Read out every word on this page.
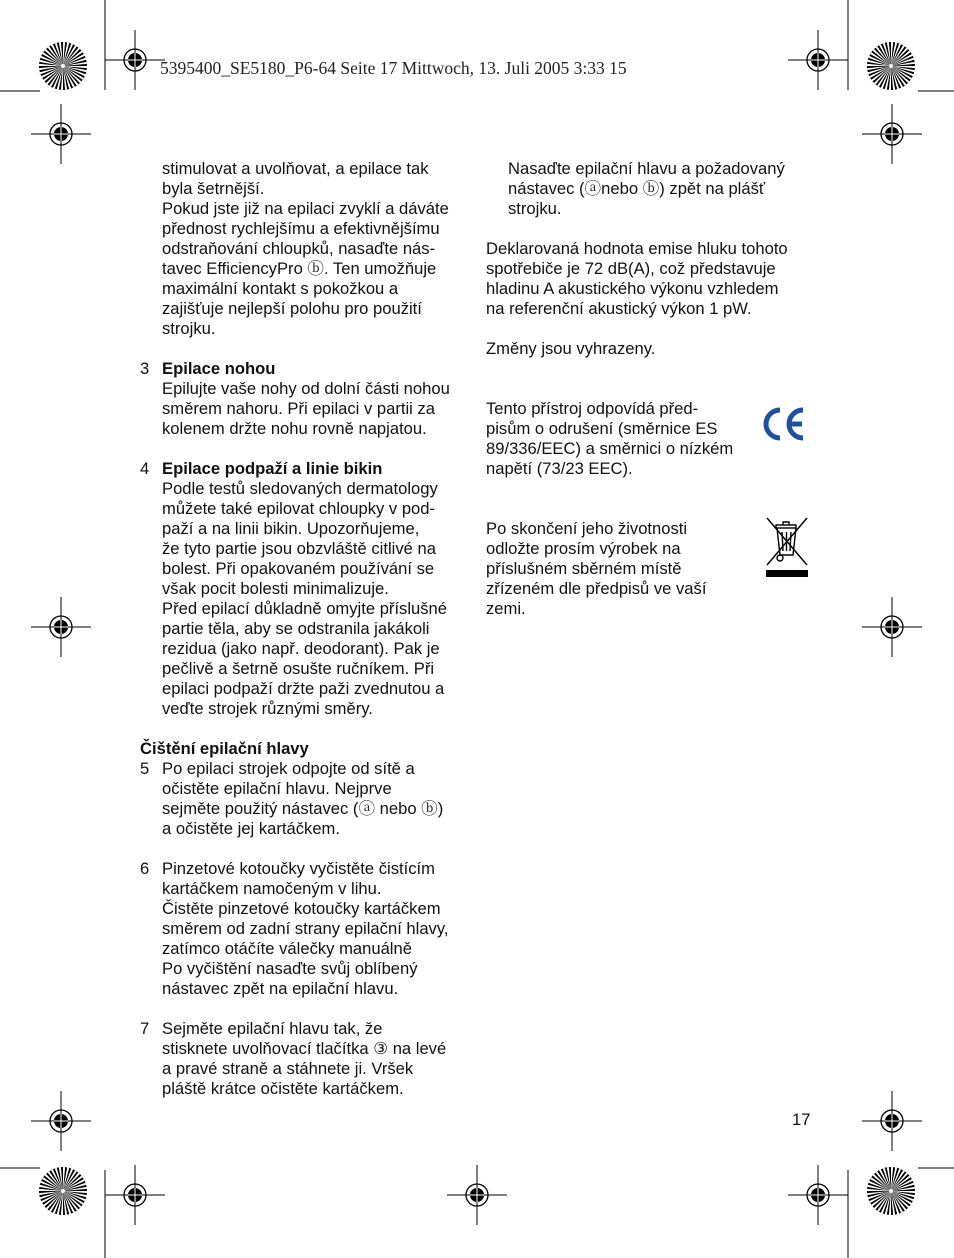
5395400_SE5180_P6-64 Seite 17 Mittwoch, 13. Juli 2005 3:33 15
stimulovat a uvolňovat, a epilace tak
byla šetrnější.
Pokud jste již na epilaci zvyklí a dáváte
přednost rychlejšímu a efektivnějšímu
odstraňování chloupků, nasaďte nás-
tavec EfficiencyPro ⓑ. Ten umožňuje
maximální kontakt s pokožkou a
zajišťuje nejlepší polohu pro použití
strojku.
3 Epilace nohou
Epilujte vaše nohy od dolní části nohou
směrem nahoru. Při epilaci v partii za
kolenem držte nohu rovně napjatou.
4 Epilace podpaží a linie bikin
Podle testů sledovaných dermatology
můžete také epilovat chloupky v pod-
paží a na linii bikin. Upozorňujeme,
že tyto partie jsou obzvláště citlivé na
bolest. Při opakovaném používání se
však pocit bolesti minimalizuje.
Před epilací důkladně omyjte příslušné
partie těla, aby se odstranila jakákoli
rezidua (jako např. deodorant). Pak je
pečlivě a šetrně osušte ručníkem. Při
epilaci podpaží držte paži zvednutou a
veďte strojek různými směry.
Čištění epilační hlavy
5 Po epilaci strojek odpojte od sítě a
očistěte epilační hlavu. Nejprve
sejměte použitý nástavec (ⓐ nebo ⓑ)
a očistěte jej kartáčkem.
6 Pinzetové kotoučky vyčistěte čistícím
kartáčkem namočeným v lihu.
Čistěte pinzetové kotoučky kartáčkem
směrem od zadní strany epilační hlavy,
zatímco otáčíte válečky manuálně
Po vyčištění nasaďte svůj oblíbený
nástavec zpět na epilační hlavu.
7 Sejměte epilační hlavu tak, že
stisknete uvolňovací tlačítka ③ na levé
a pravé straně a stáhnete ji. Vršek
pláště krátce očistěte kartáčkem.
Nasaďte epilační hlavu a požadovaný
nástavec (ⓐnebo ⓑ) zpět na plášť
strojku.
Deklarovaná hodnota emise hluku tohoto
spotřebiče je 72 dB(A), což představuje
hladinu A akustického výkonu vzhledem
na referenční akustický výkon 1 pW.
Změny jsou vyhrazeny.
Tento přístroj odpovídá před-
pisům o odrušení (směrnice ES
89/336/EEC) a směrnici o nízkém
napětí (73/23 EEC).
Po skončení jeho životnosti
odložte prosím výrobek na
příslušném sběrném místě
zřízeném dle předpisů ve vaší
zemi.
17
